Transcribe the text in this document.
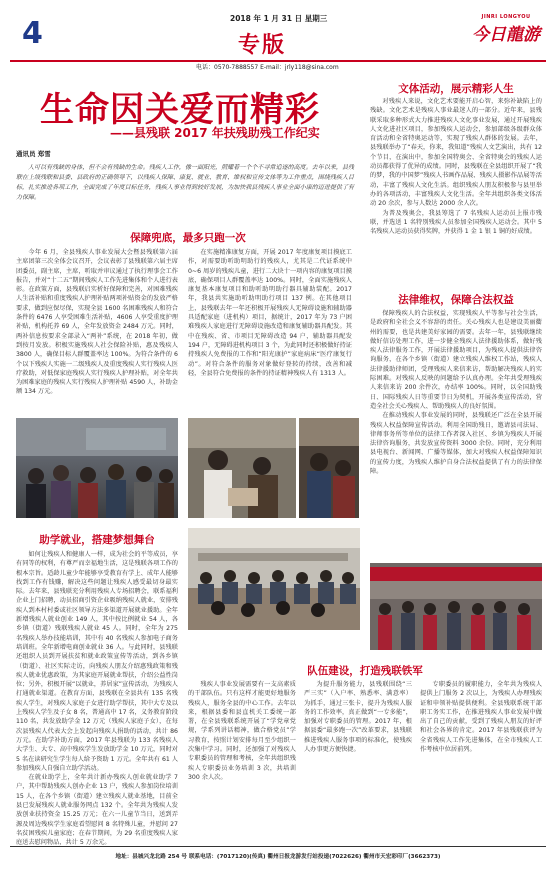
2018 年 1 月 31 日 星期三
4	专版
JINRI LONGYOU
今日龍游
电话：0570-7888557 E-mail：jrly118@sina.com
生命因关爱而精彩
——县残联 2017 年扶残助残工作纪实
通讯员 郑雪
人可以有残缺的身体，但不会有残缺的生命。残疾人工作，像一面阳光，照耀着一个个不寻常追逐的高度。去年以来，县残联在上级残联和县委、县政府的正确领导下，以残疾人保障、康复、就业、教育、维权和宣传文体等为工作重点，围绕残疾人目标，扎实推进各项工作，全面完成了年度目标任务，残疾人事业得到较好发展，为加快我县残疾人事业全面小康的迈进提供了有力保障。
文体活动，展示精彩人生

对残疾人来说，文化艺术要能开启心智，来弥补缺陷上的残缺。文化艺术是残疾人事业最迷人的一部分。近年来，县残联采取多种形式大力推进残疾人文化事业发展，通过开展残疾人文化进社区项目，参加残疾人运动会，参加部级各级群众体育活动和全省特奥运动等，实现了残疾人群体的发展。去年，县残联举办了“春天，你来，我知道”残疾人文艺演出，共有 12 个节目，在演出中，参加全国特奥会、全省特奥会的残疾人运动员都获得了优异的成绩。同时，县残联在全县组织开展了“我的梦，我的中国梦”残疾人书画作品展、残疾人摄影作品展等活动，丰富了残疾人文化生活。组织残疾人朋友积极参与县里举办的各项活动，丰富残疾人文化生活。全年共组织各类文体活动 20 余次，参与人数达 2000 余人次。

为普及残奥会，我县筹选了 7 名残疾人运动员上报市残联，并选送 1 名特别残疾人员参加全国残疾人运动会。其中 5 名残疾人运动员获得奖牌，并获得 1 金 1 银 1 铜的好成绩。

法律维权，保障合法权益

保障残疾人的合法权益，实现残疾人平等参与社会生活，是政府和全社会义不容辞的责任。关心残疾人也是建设美丽衢州的需要，也是共建美好家园的需要。去年一年，县残联继续做好信访处理工作，进一步健全残疾人法律援助体系，做好残疾人法律服务工作，开展法律援助项目，为残疾人提供法律咨询服务，在各个乡镇（街道）建立残疾人维权工作站，残疾人法律援助律师团，受理残疾人来信来访，帮助解决残疾人的实际困难。对残疾人反映的问题给予认真办理。全年共受理残疾人来信来访 200 余件次，办结率 100%。同时，以全国助残日、国际残疾人日等重要节日为契机，开展各类宣传活动，营造全社会关心残疾人、帮助残疾人的良好氛围。

在推动残疾人事业发展的同时，县残联还广泛在全县开展残疾人权益保障宣传活动。利用全国助残日，邀请县司法局、律师事务所等单位的法律工作者深入社区、乡镇为残疾人开展法律咨询服务，共发放宣传资料 3000 余份。同时，充分利用县电视台、新闻网、广播等媒体，加大对残疾人权益保障知识的宣传力度，为残疾人维护自身合法权益提供了有力的法律保障。

保障兜底，最多只跑一次
今年 6 月，全县残疾人事业发展大会暨县残联第六届主席团第三次全体会议召开，会议表彰了县残联第六届主席团委员，副主席，主席，听取并审议通过了执行理事会工作报告，并对“十二五”期间残疾人工作先进集体和个人进行表彰。在政策方面，县残联启实析好保障和完善，对困难残疾人生活补贴和重度残疾人护理补贴两项补贴资金的发放严格要求，做到应保尽保，实现全县 1600 名困难残疾人和符合条件的 6476 人享受困难生活补贴，4606 人享受重度护理补贴，机构托养 69 人，全年发放资金 2484 万元。同时，两补信息按要求全部录入“两补”系统，在 2018 年初，做到按月发放。积极实施残疾人社会保险补贴，惠及残疾人 3800 人，确保目标人群覆盖率达 100%。为符合条件的 6 个以下残疾人实施一二级残疾人及重度残疾人实行残疾人医疗救助，对低保家庭残疾人实行残疾人护理补贴，对全年共为困难家庭的残疾人实行残疾人护理补贴 4590 人，补助金额 134 万元。
在实施精准康复方面，开展 2017 年度康复项目摸底工作，对需要助听助明助行的残疾人，尤其是二代证系统中 0~6 周岁的残疾儿童，进行二大块十一项内容的康复项目摸底，确保项目人群覆盖率达 100%。同时，全面实施残疾人康复基本康复项目和助听助明助行器具辅助装配。2017 年，我县共实施助听助明助行项目 137 例。在其他项目上，县残联去年一年还积极开展残疾人无障碍设施和辅助器具适配家庭（进机构）项目，据统计，2017 年为 73 户困难残疾人家庭进行无障碍设施改造和康复辅助器具配发。其中在残疾、省、市项目无障碍改造 94 户，辅助器具配发 194 户，无障碍进机构项目 3 个，为此同时还积极做好持证持残疾人免费报的工作和“阳光康护”家庭病床“医疗康复行动”。对符合条件的服务对象做好登转的持续，改善和减轻，全县符合免费报的条件的持证精神残疾人有 1313 人。
助学就业，搭建梦想舞台

如何让残疾人和健康人一样，成为社会的平等成员，享有同等的权利，有尊严而幸福地生活，这是残联各项工作的根本宗旨。适龄儿童少年能够享受教育有学上、成年人能够找到工作有钱赚，解决这些问题让残疾人感受最切身最实际。去年来，县残联充分利用残疾人专场招聘会，联系福利企业上门招聘，动员招商引资企业吸纳残疾人就业，安排残疾人到本村村委或社区领导方法多渠道开展就业援助。全年新增残疾人就业创业 149 人，其中按比例就业 54 人，各乡镇（街道）残联残疾人就业 45 人。同时，全年为 275 名残疾人举办技能培训，其中有 40 名残疾人参加电子商务培训班。全年新增电商创业就业 36 人。与此同时，县残联还组织人员到开展扶贫和就业政策宣传等活动，到各乡镇（街道）、社区实际走访，向残疾人朋友介绍惠残政策和残疾人就业优惠政策，为其家庭开展就业帮扶，介绍公益性岗位；另外，积极开展“以就业，养居家”宣传活动，为残疾人打通就业渠道。在教育方面，县残联在全县共有 135 名残疾人学生，对残疾人家庭子女进行助学帮扶，其中大专及以上残疾人学生及子女 8 名，普通高中 17 名，义务教育阶段 110 名，共发放助学金 12 万元（残疾人家庭子女），在每次县残疾人代表大会上发起向残疾人捐助的活动，共计 86 万元。在助学补助方面，2017 年县残联为 133 名残疾人大学生、大专、高中残疾学生发放助学金 10 万元，同时对 5 名在读研究生学生每人给予资助 1 万元。全年共有 61 人参加残疾人自强自立助学活动。

在就业助学上，全年共计新办残疾人创业就业助学 7 户，其中帮助残疾人创办企业 13 户，残疾人参加岗位培训 15 人，在各个乡镇（街道）建立残疾人就业基地，目前全县已发展残疾人就业服务网点 132 个。全年共为残疾人发放创业扶持资金 15.25 万元；在六一儿童节当日，送到弄源及周边残疾学生家庭看望慰问 8 名特殊儿童，并慰问 27 名贫困残疾儿童家庭；在春节期间，为 29 名重度残疾人家庭送去慰问物品，共计 5 万余元。

队伍建设，打造残联铁军
残疾人事业发展需要有一支高素质的干部队伍。只有这样才能更好地服务残疾人，服务全县的中心工作。去年以来，根据县委和县直机关工委统一部署，在全县残联系统开展了“学党章党规，学系列讲话精神，做合格党员”学习教育，按照计划安排每月至少组织一次集中学习。同时，还加强了对残疾人专职委员的管理和考核，全年共组织残疾人专职委员业务培训 3 次，共培训 300 余人次。
为提升服务能力，县残联围绕“三严三实”（入户率、熟悉率、满意率）为抓手，通过三张卡，提升为残疾人服务的工作效率，真正做到“一专多能”，加强对专职委员的管理。2017 年，根据县委“最多跑一次”改革要求，县残联推进残疾人服务事项的标准化，使残疾人办事更方便快捷。
专职委员的履职能力，全年共为残疾人提供上门服务 2 次以上，为残疾人办理残疾证和申领补贴提供便利。全县残联系统干部职工务实工作，在推进残疾人事业发展中做出了自己的贡献，受到了残疾人朋友的好评和社会各界的肯定。2017 年县残联获评为全省残疾人工作先进集体，在全市残疾人工作考核中位居前列。
地址：县城兴龙北路 254 号 联系电话：(7017120)(传真) 衢州日报龙游发行站投递(7022626) 衢州市天宏彩印厂(3662373)
